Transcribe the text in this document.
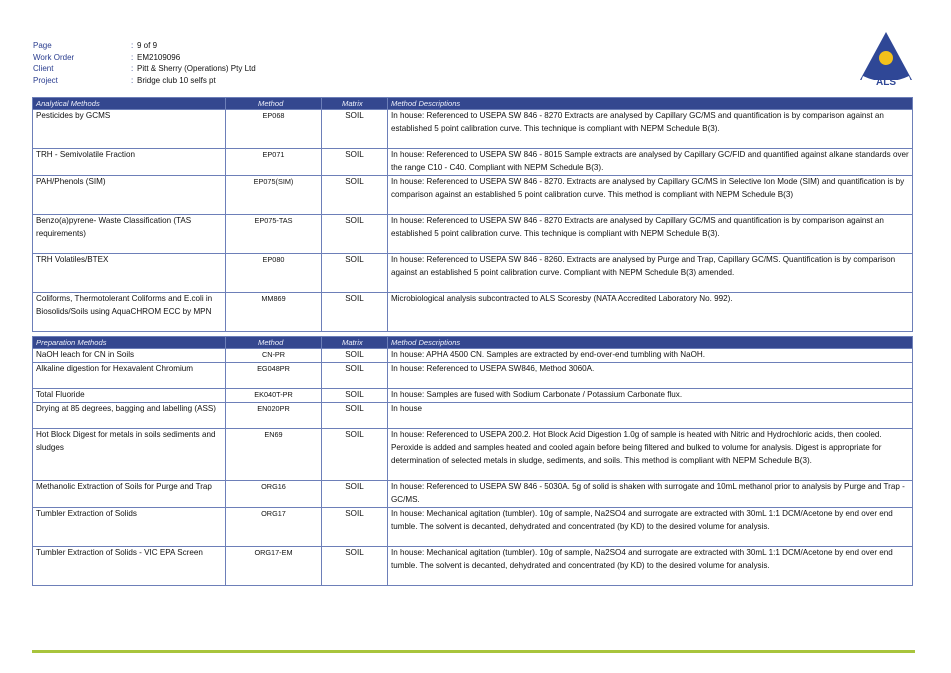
Page	: 9 of 9
Work Order	: EM2109096
Client	: Pitt & Sherry (Operations) Pty Ltd
Project	: Bridge club 10 selfs pt	ALS
Analytical Methods	Method	Matrix	Method Descriptions
Pesticides by GCMS	EP068	SOIL	In house: Referenced to USEPA SW 846 - 8270 Extracts are analysed by Capillary GC/MS and quantification is by comparison against an established 5 point calibration curve. This technique is compliant with NEPM Schedule B(3).
TRH - Semivolatile Fraction	EP071	SOIL	In house: Referenced to USEPA SW 846 - 8015 Sample extracts are analysed by Capillary GC/FID and quantified against alkane standards over the range C10 - C40. Compliant with NEPM Schedule B(3).
PAH/Phenols (SIM)	EP075(SIM)	SOIL	In house: Referenced to USEPA SW 846 - 8270. Extracts are analysed by Capillary GC/MS in Selective Ion Mode (SIM) and quantification is by comparison against an established 5 point calibration curve. This method is compliant with NEPM Schedule B(3)
Benzo(a)pyrene- Waste Classification (TAS requirements)	EP075-TAS	SOIL	In house: Referenced to USEPA SW 846 - 8270 Extracts are analysed by Capillary GC/MS and quantification is by comparison against an established 5 point calibration curve. This technique is compliant with NEPM Schedule B(3).
TRH Volatiles/BTEX	EP080	SOIL	In house: Referenced to USEPA SW 846 - 8260. Extracts are analysed by Purge and Trap, Capillary GC/MS. Quantification is by comparison against an established 5 point calibration curve. Compliant with NEPM Schedule B(3) amended.
Coliforms, Thermotolerant Coliforms and E.coli in Biosolids/Soils using AquaCHROM ECC by MPN	MM869	SOIL	Microbiological analysis subcontracted to ALS Scoresby (NATA Accredited Laboratory No. 992).
Preparation Methods	Method	Matrix	Method Descriptions
NaOH leach for CN in Soils	CN-PR	SOIL	In house: APHA 4500 CN. Samples are extracted by end-over-end tumbling with NaOH.
Alkaline digestion for Hexavalent Chromium	EG048PR	SOIL	In house: Referenced to USEPA SW846, Method 3060A.
Total Fluoride	EK040T-PR	SOIL	In house: Samples are fused with Sodium Carbonate / Potassium Carbonate flux.
Drying at 85 degrees, bagging and labelling (ASS)	EN020PR	SOIL	In house
Hot Block Digest for metals in soils sediments and sludges	EN69	SOIL	In house: Referenced to USEPA 200.2. Hot Block Acid Digestion 1.0g of sample is heated with Nitric and Hydrochloric acids, then cooled. Peroxide is added and samples heated and cooled again before being filtered and bulked to volume for analysis. Digest is appropriate for determination of selected metals in sludge, sediments, and soils. This method is compliant with NEPM Schedule B(3).
Methanolic Extraction of Soils for Purge and Trap	ORG16	SOIL	In house: Referenced to USEPA SW 846 - 5030A. 5g of solid is shaken with surrogate and 10mL methanol prior to analysis by Purge and Trap - GC/MS.
Tumbler Extraction of Solids	ORG17	SOIL	In house: Mechanical agitation (tumbler). 10g of sample, Na2SO4 and surrogate are extracted with 30mL 1:1 DCM/Acetone by end over end tumble. The solvent is decanted, dehydrated and concentrated (by KD) to the desired volume for analysis.
Tumbler Extraction of Solids - VIC EPA Screen	ORG17-EM	SOIL	In house: Mechanical agitation (tumbler). 10g of sample, Na2SO4 and surrogate are extracted with 30mL 1:1 DCM/Acetone by end over end tumble. The solvent is decanted, dehydrated and concentrated (by KD) to the desired volume for analysis.
